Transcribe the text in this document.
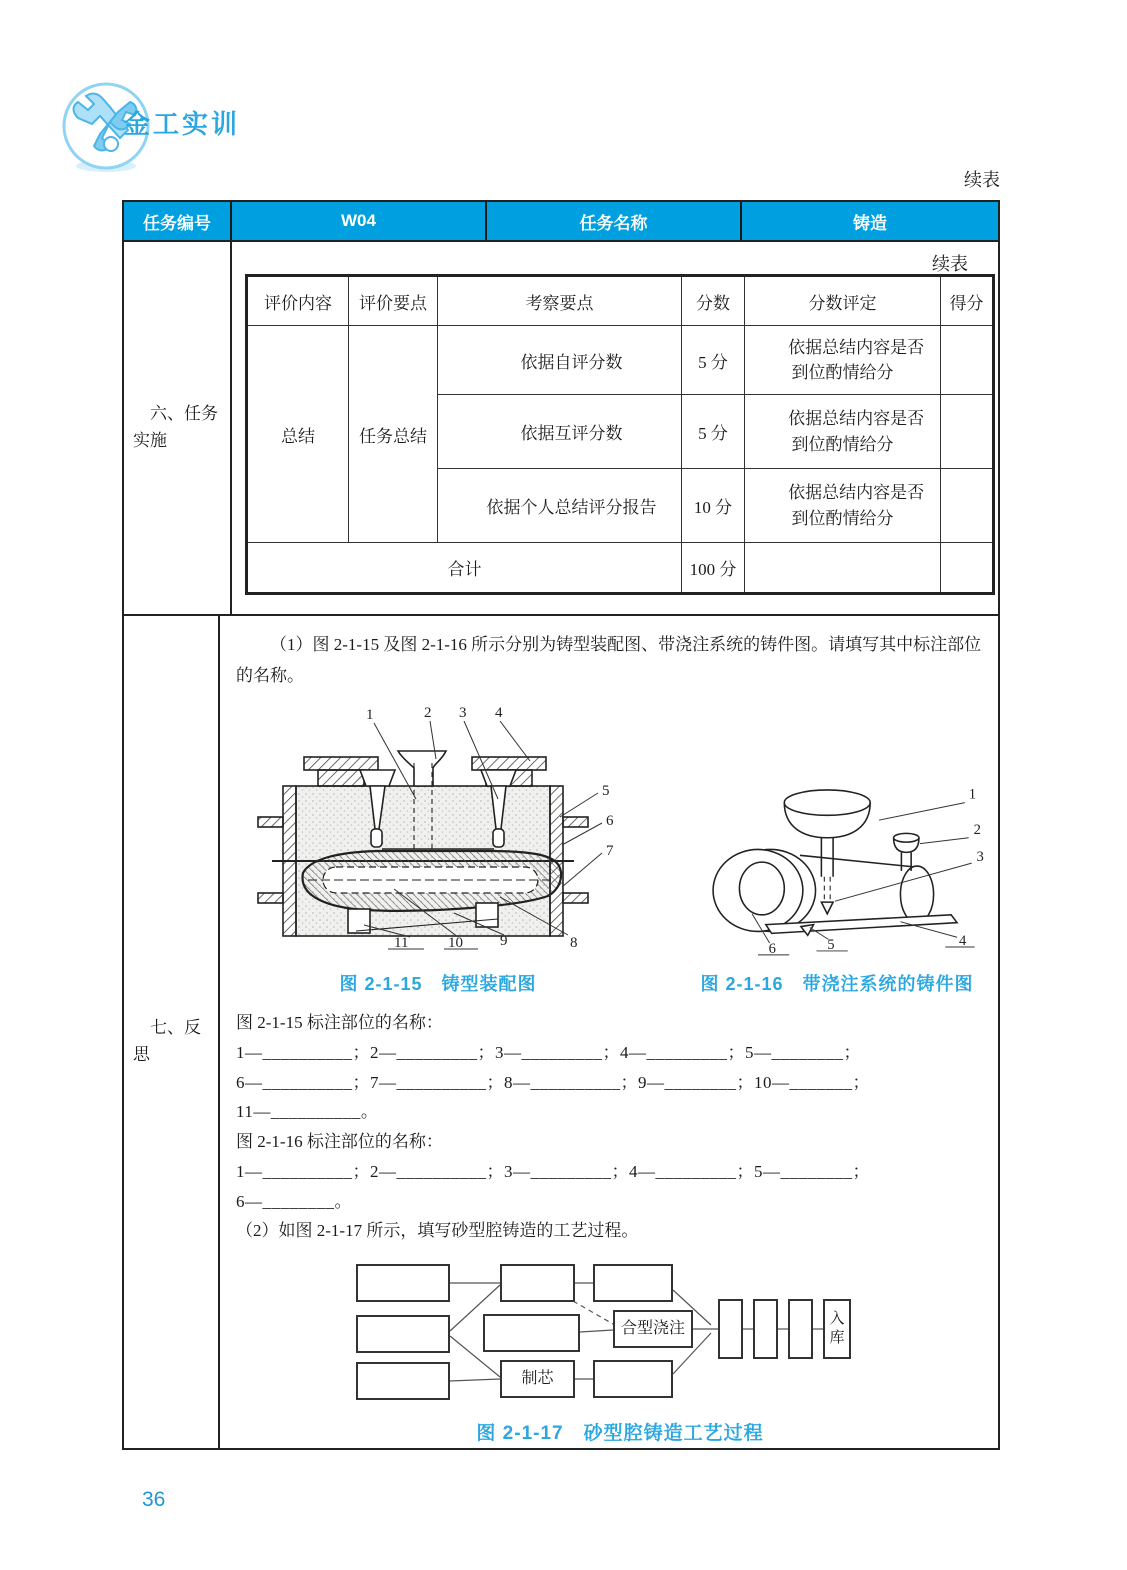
金工实训
续表
任务编号	W04	任务名称	铸造
六、任务实施
续表
评价内容	评价要点	考察要点	分数	分数评定	得分
总结	任务总结	依据自评分数	5 分	依据总结内容是否到位酌情给分	
		依据互评分数	5 分	依据总结内容是否到位酌情给分	
		依据个人总结评分报告	10 分	依据总结内容是否到位酌情给分	
合计			100 分		
七、反思
（1）图 2-1-15 及图 2-1-16 所示分别为铸型装配图、带浇注系统的铸件图。请填写其中标注部位的名称。
1	2 3 4
5
6
7
8
9
10
11
图 2-1-15　铸型装配图
1
2
3
4
5
6
图 2-1-16　带浇注系统的铸件图
图 2-1-15 标注部位的名称：
1—__________；2—_________；3—_________；4—_________；5—________；
6—__________；7—__________；8—__________；9—________；10—_______；
11—__________。
图 2-1-16 标注部位的名称：
1—__________；2—__________；3—_________；4—_________；5—________；
6—________。
（2）如图 2-1-17 所示，填写砂型腔铸造的工艺过程。
制芯
合型浇注
入库
图 2-1-17　砂型腔铸造工艺过程
36
